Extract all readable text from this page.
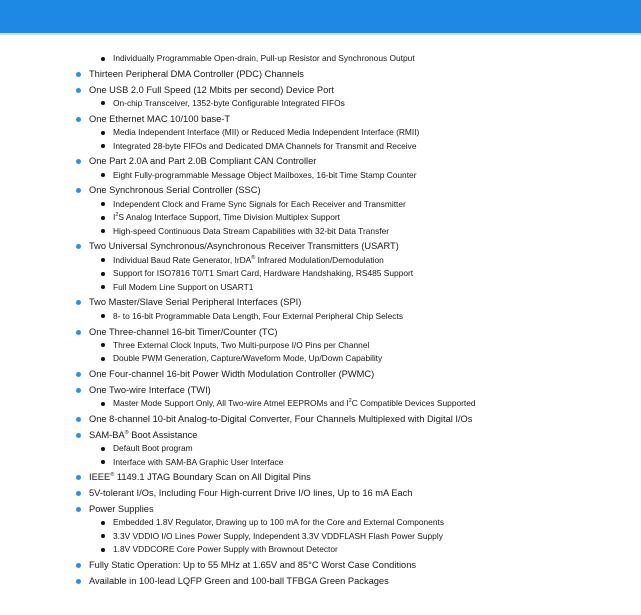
Individually Programmable Open-drain, Pull-up Resistor and Synchronous Output
Thirteen Peripheral DMA Controller (PDC) Channels
One USB 2.0 Full Speed (12 Mbits per second) Device Port
On-chip Transceiver, 1352-byte Configurable Integrated FIFOs
One Ethernet MAC 10/100 base-T
Media Independent Interface (MII) or Reduced Media Independent Interface (RMII)
Integrated 28-byte FIFOs and Dedicated DMA Channels for Transmit and Receive
One Part 2.0A and Part 2.0B Compliant CAN Controller
Eight Fully-programmable Message Object Mailboxes, 16-bit Time Stamp Counter
One Synchronous Serial Controller (SSC)
Independent Clock and Frame Sync Signals for Each Receiver and Transmitter
$I^2S$ Analog Interface Support, Time Division Multiplex Support
High-speed Continuous Data Stream Capabilities with 32-bit Data Transfer
Two Universal Synchronous/Asynchronous Receiver Transmitters (USART)
Individual Baud Rate Generator, IrDA® Infrared Modulation/Demodulation
Support for ISO7816 T0/T1 Smart Card, Hardware Handshaking, RS485 Support
Full Modem Line Support on USART1
Two Master/Slave Serial Peripheral Interfaces (SPI)
8- to 16-bit Programmable Data Length, Four External Peripheral Chip Selects
One Three-channel 16-bit Timer/Counter (TC)
Three External Clock Inputs, Two Multi-purpose I/O Pins per Channel
Double PWM Generation, Capture/Waveform Mode, Up/Down Capability
One Four-channel 16-bit Power Width Modulation Controller (PWMC)
One Two-wire Interface (TWI)
Master Mode Support Only, All Two-wire Atmel EEPROMs and $I^2C$ Compatible Devices Supported
One 8-channel 10-bit Analog-to-Digital Converter, Four Channels Multiplexed with Digital I/Os
SAM-BA® Boot Assistance
Default Boot program
Interface with SAM-BA Graphic User Interface
IEEE® 1149.1 JTAG Boundary Scan on All Digital Pins
5V-tolerant I/Os, Including Four High-current Drive I/O lines, Up to 16 mA Each
Power Supplies
Embedded 1.8V Regulator, Drawing up to 100 mA for the Core and External Components
3.3V VDDIO I/O Lines Power Supply, Independent 3.3V VDDFLASH Flash Power Supply
1.8V VDDCORE Core Power Supply with Brownout Detector
Fully Static Operation: Up to 55 MHz at 1.65V and 85°C Worst Case Conditions
Available in 100-lead LQFP Green and 100-ball TFBGA Green Packages
